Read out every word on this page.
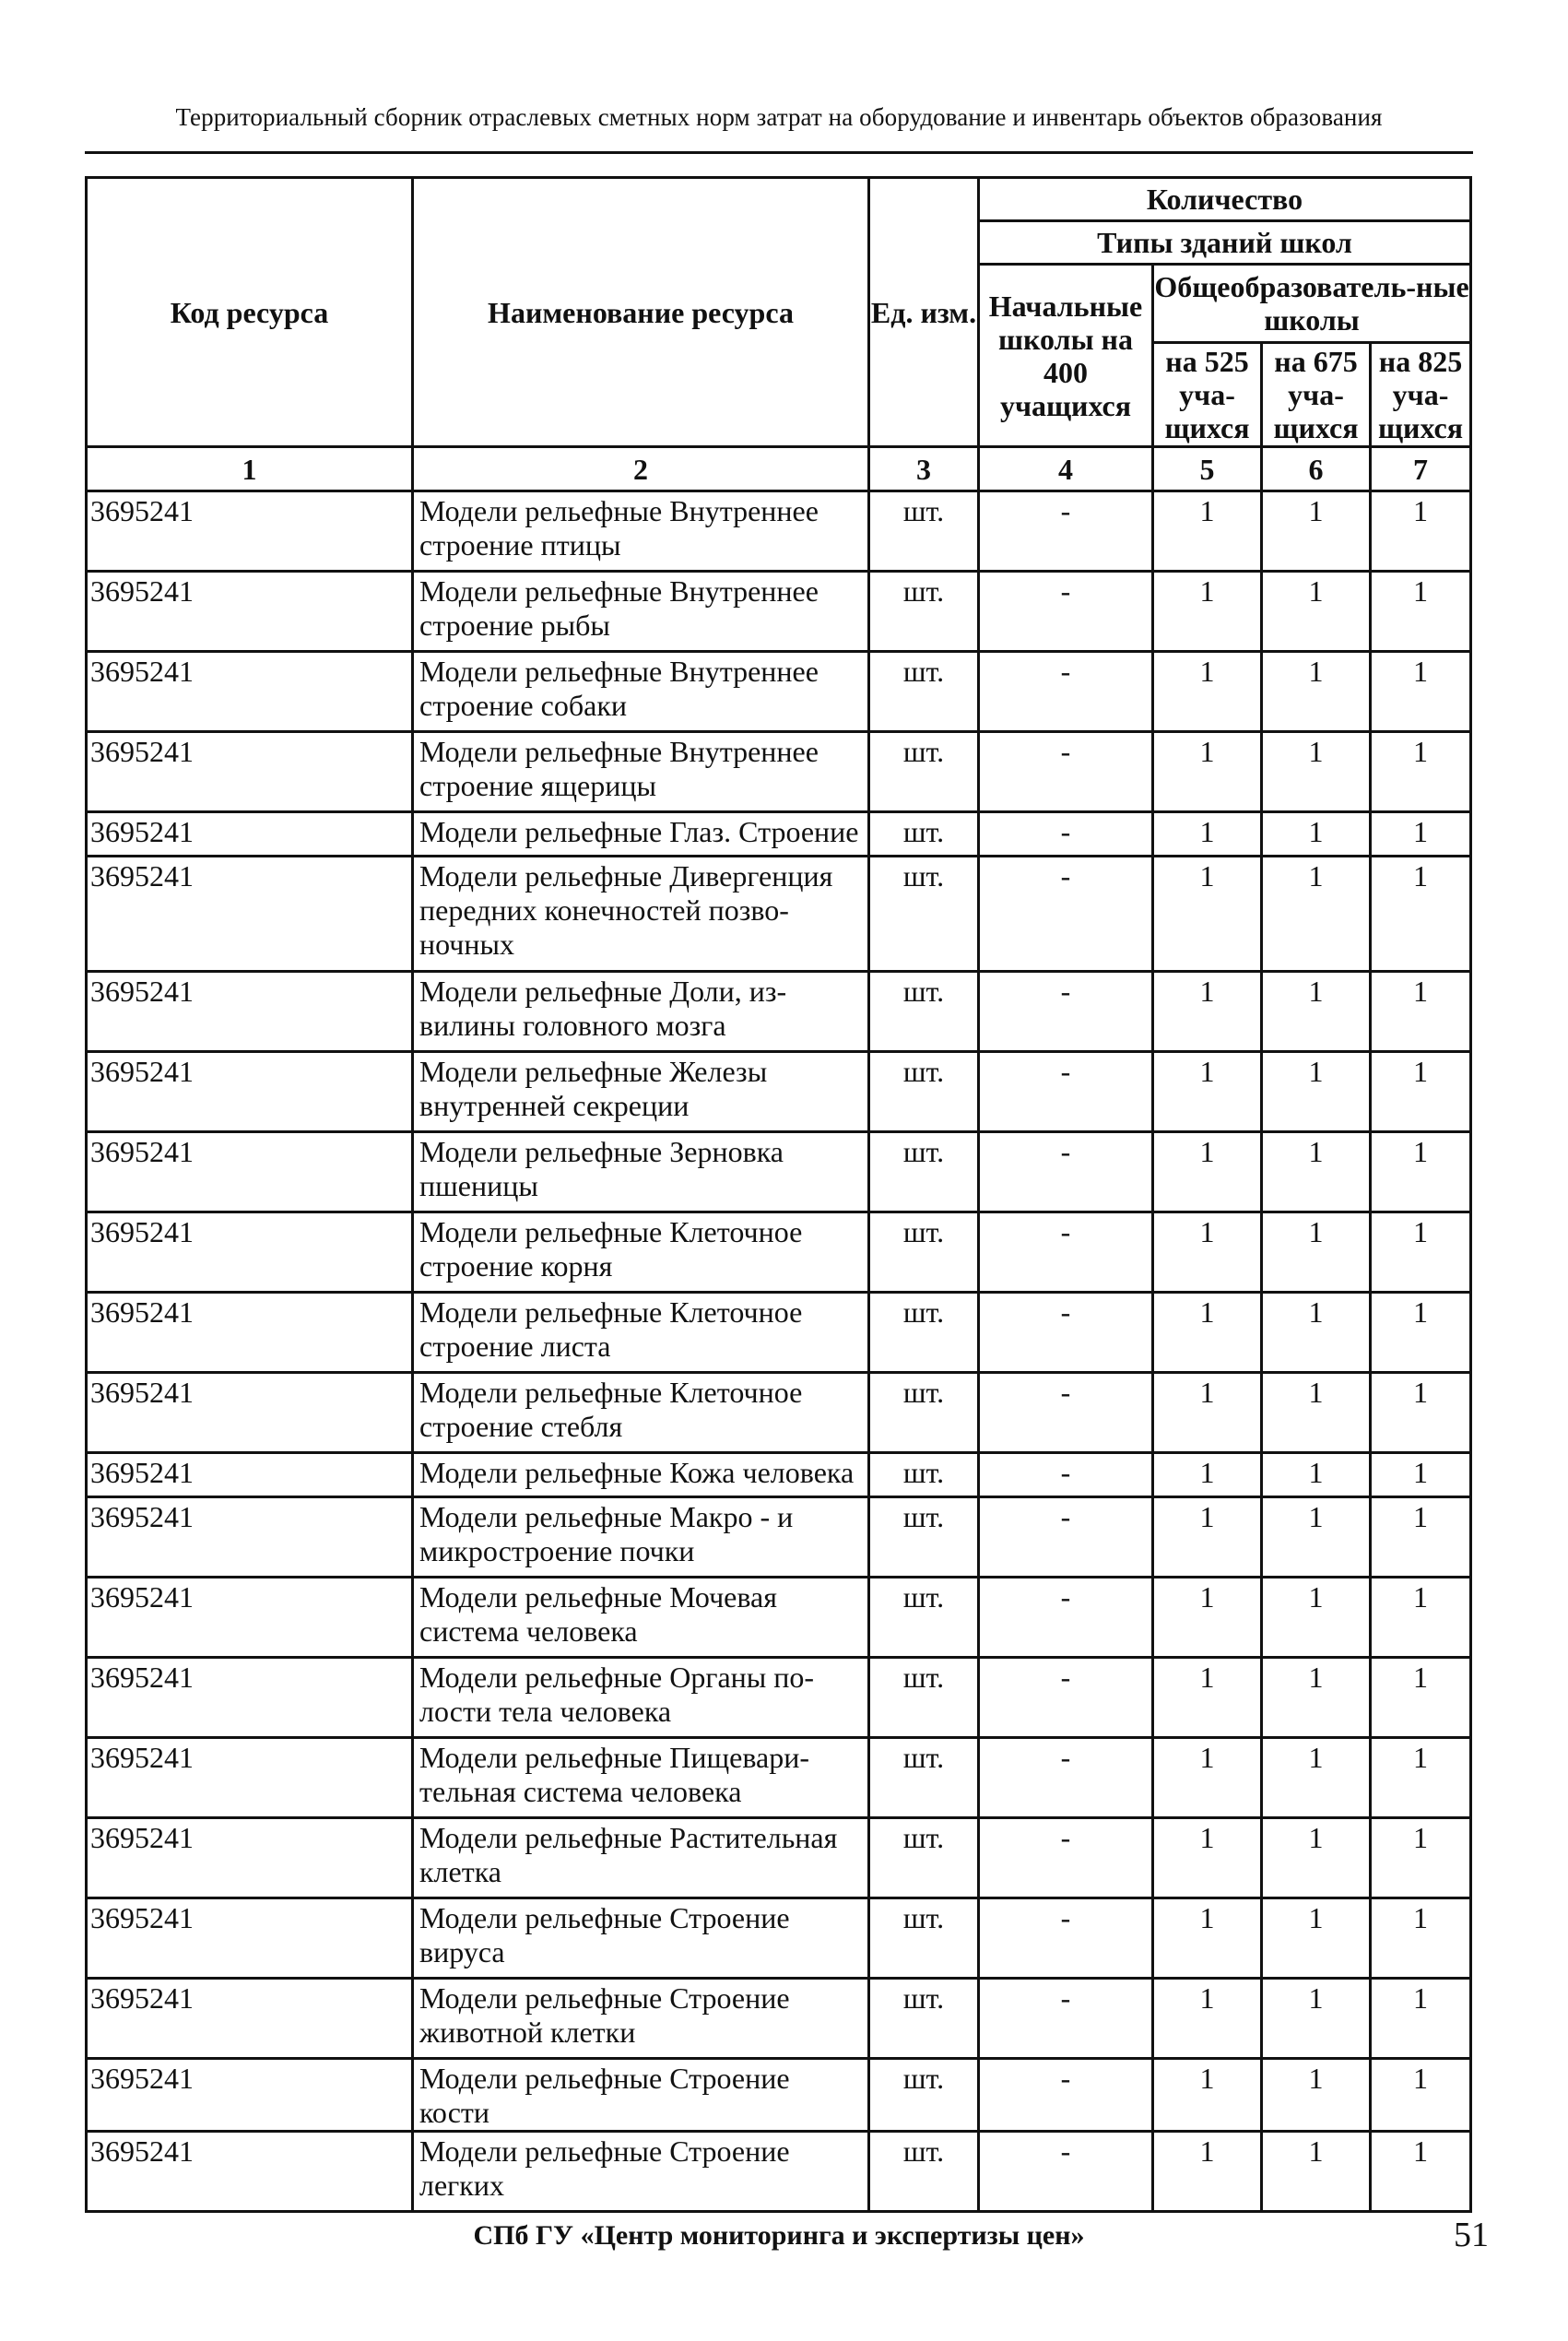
Территориальный сборник отраслевых сметных норм затрат на оборудование и инвентарь объектов образования
Код ресурса	Наименование ресурса	Ед. изм.	Количество			
			Типы зданий школ			
			Начальные школы на 400 учащихся	Общеобразователь-ные школы		
				на 525 уча-щихся	на 675 уча-щихся	на 825 уча-щихся
1	2	3	4	5	6	7
3695241	Модели рельефные Внутреннее строение птицы	шт.	-	1	1	1
3695241	Модели рельефные Внутреннее строение рыбы	шт.	-	1	1	1
3695241	Модели рельефные Внутреннее строение собаки	шт.	-	1	1	1
3695241	Модели рельефные Внутреннее строение ящерицы	шт.	-	1	1	1
3695241	Модели рельефные Глаз. Строение	шт.	-	1	1	1
3695241	Модели рельефные Дивергенция передних конечностей позво-ночных	шт.	-	1	1	1
3695241	Модели рельефные Доли, из-вилины головного мозга	шт.	-	1	1	1
3695241	Модели рельефные Железы внутренней секреции	шт.	-	1	1	1
3695241	Модели рельефные Зерновка пшеницы	шт.	-	1	1	1
3695241	Модели рельефные Клеточное строение корня	шт.	-	1	1	1
3695241	Модели рельефные Клеточное строение листа	шт.	-	1	1	1
3695241	Модели рельефные Клеточное строение стебля	шт.	-	1	1	1
3695241	Модели рельефные Кожа человека	шт.	-	1	1	1
3695241	Модели рельефные Макро - и микростроение почки	шт.	-	1	1	1
3695241	Модели рельефные Мочевая система человека	шт.	-	1	1	1
3695241	Модели рельефные Органы по-лости тела человека	шт.	-	1	1	1
3695241	Модели рельефные Пищевари-тельная система человека	шт.	-	1	1	1
3695241	Модели рельефные Растительная клетка	шт.	-	1	1	1
3695241	Модели рельефные Строение вируса	шт.	-	1	1	1
3695241	Модели рельефные Строение животной клетки	шт.	-	1	1	1
3695241	Модели рельефные Строение кости	шт.	-	1	1	1
3695241	Модели рельефные Строение легких	шт.	-	1	1	1
СПб ГУ «Центр мониторинга и экспертизы цен»	51
